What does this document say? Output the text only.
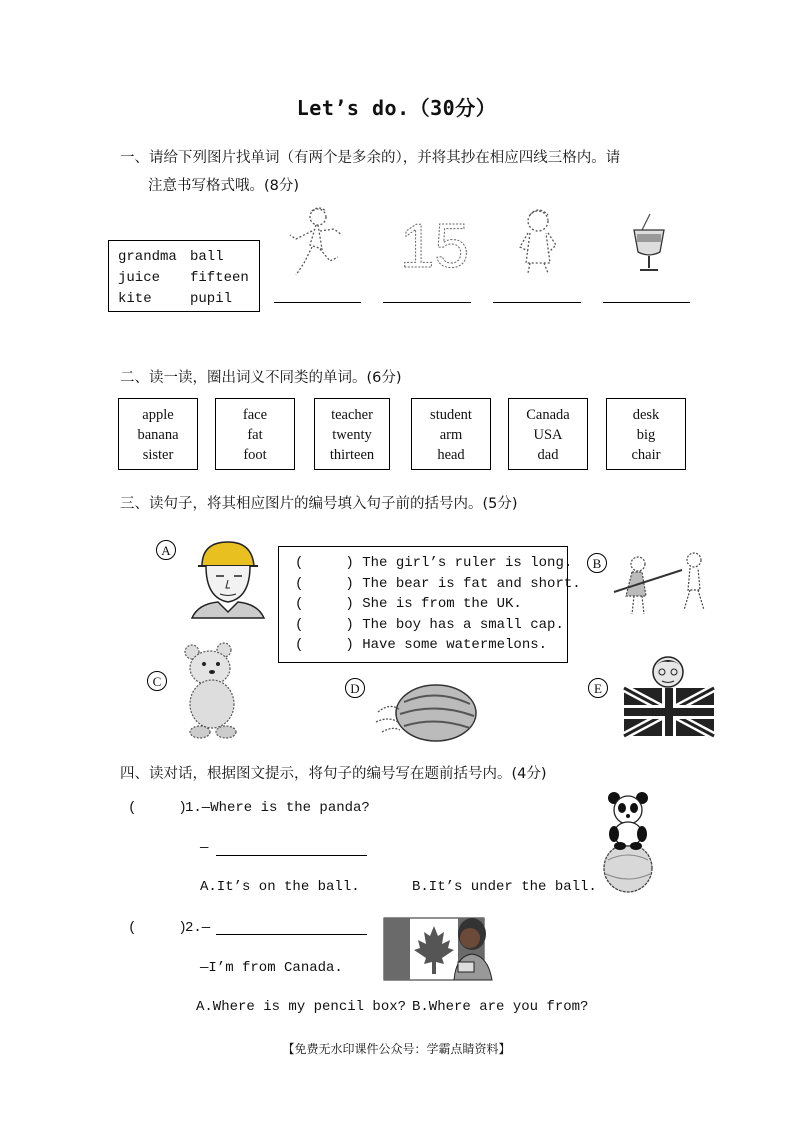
Let’s do.（30分）
一、请给下列图片找单词（有两个是多余的），并将其抄在相应四线三格内。请
注意书写格式哦。(8分)
grandma ball
juice fifteen
kite	pupil
15
二、读一读，圈出词义不同类的单词。(6分)
apple
banana
sister
face
fat
foot
teacher
twenty
thirteen
student
arm
head
Canada
USA
dad
desk
big
chair
三、读句子，将其相应图片的编号填入句子前的括号内。(5分)
A
(     ) The girl’s ruler is long.
(     ) The bear is fat and short.
(     ) She is from the UK.
(     ) The boy has a small cap.
(     ) Have some watermelons.
B
C	D	E
四、读对话，根据图文提示，将句子的编号写在题前括号内。(4分)
(     )
1.—Where is the panda?
—
A.It’s on the ball.	B.It’s under the ball.
(     )
2.—
—I’m from Canada.
A.Where is my pencil box? B.Where are you from?
【免费无水印课件公众号：学霸点睛资料】
